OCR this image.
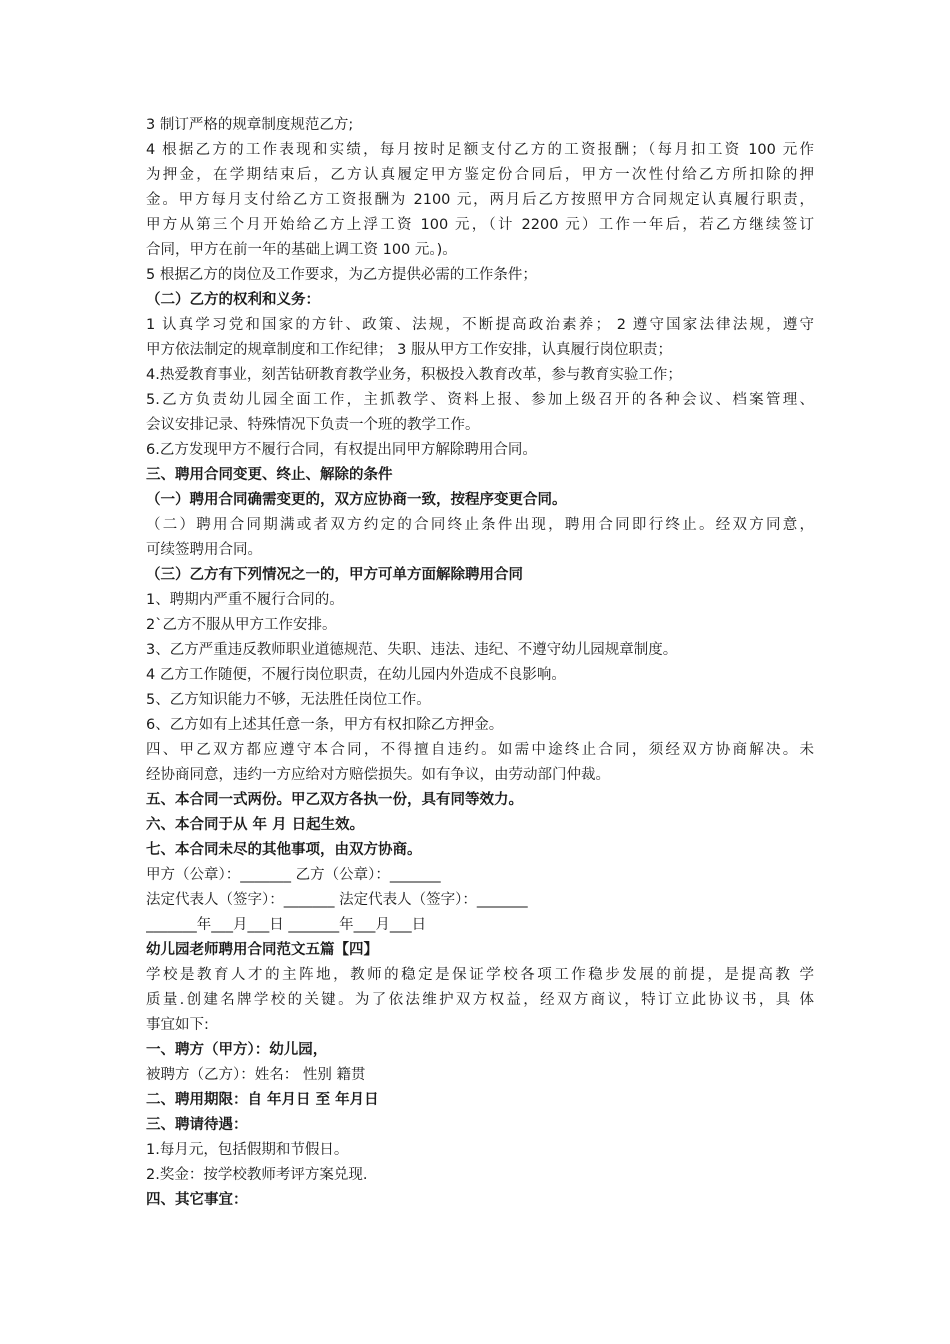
3 制订严格的规章制度规范乙方;
4 根据乙方的工作表现和实绩，每月按时足额支付乙方的工资报酬；（每月扣工资 100 元作
为押金，在学期结束后，乙方认真履定甲方鉴定份合同后，甲方一次性付给乙方所扣除的押
金。甲方每月支付给乙方工资报酬为 2100 元，两月后乙方按照甲方合同规定认真履行职责，
甲方从第三个月开始给乙方上浮工资 100 元，（计 2200 元）工作一年后，若乙方继续签订
合同，甲方在前一年的基础上调工资 100 元。)。
5 根据乙方的岗位及工作要求，为乙方提供必需的工作条件；
（二）乙方的权利和义务：
1 认真学习党和国家的方针、政策、法规，不断提高政治素养； 2 遵守国家法律法规，遵守
甲方依法制定的规章制度和工作纪律； 3 服从甲方工作安排，认真履行岗位职责；
4.热爱教育事业，刻苦钻研教育教学业务，积极投入教育改革，参与教育实验工作；
5.乙方负责幼儿园全面工作，主抓教学、资料上报、参加上级召开的各种会议、档案管理、
会议安排记录、特殊情况下负责一个班的教学工作。
6.乙方发现甲方不履行合同，有权提出同甲方解除聘用合同。
三、聘用合同变更、终止、解除的条件
（一）聘用合同确需变更的，双方应协商一致，按程序变更合同。
（二）聘用合同期满或者双方约定的合同终止条件出现，聘用合同即行终止。经双方同意，
可续签聘用合同。
（三）乙方有下列情况之一的，甲方可单方面解除聘用合同
1、聘期内严重不履行合同的。
2`乙方不服从甲方工作安排。
3、乙方严重违反教师职业道德规范、失职、违法、违纪、不遵守幼儿园规章制度。
4 乙方工作随便，不履行岗位职责，在幼儿园内外造成不良影响。
5、乙方知识能力不够，无法胜任岗位工作。
6、乙方如有上述其任意一条，甲方有权扣除乙方押金。
四、甲乙双方都应遵守本合同，不得擅自违约。如需中途终止合同，须经双方协商解决。未
经协商同意，违约一方应给对方赔偿损失。如有争议，由劳动部门仲裁。
五、本合同一式两份。甲乙双方各执一份，具有同等效力。
六、本合同于从 年 月 日起生效。
七、本合同未尽的其他事项，由双方协商。
甲方（公章）：_______ 乙方（公章）：_______
法定代表人（签字）：_______ 法定代表人（签字）：_______
_______年___月___日 _______年___月___日
幼儿园老师聘用合同范文五篇【四】
学校是教育人才的主阵地，教师的稳定是保证学校各项工作稳步发展的前提，是提高教 学
质量.创建名牌学校的关键。为了依法维护双方权益，经双方商议，特订立此协议书，具 体
事宜如下:
一、聘方（甲方）：幼儿园，
被聘方（乙方）：姓名： 性别 籍贯
二、聘用期限：自 年月日 至 年月日
三、聘请待遇：
1.每月元，包括假期和节假日。
2.奖金：按学校教师考评方案兑现.
四、其它事宜：
